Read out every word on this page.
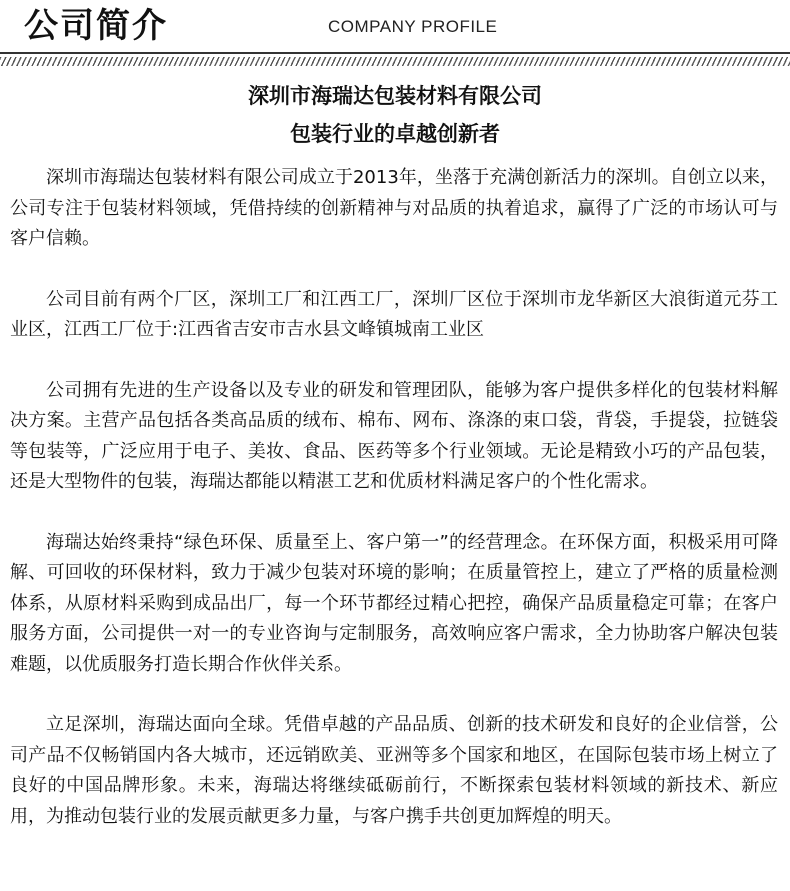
公司简介	COMPANY PROFILE
深圳市海瑞达包装材料有限公司
包装行业的卓越创新者

深圳市海瑞达包装材料有限公司成立于2013年，坐落于充满创新活力的深圳。自创立以来，公司专注于包装材料领域，凭借持续的创新精神与对品质的执着追求，赢得了广泛的市场认可与客户信赖。

公司目前有两个厂区，深圳工厂和江西工厂，深圳厂区位于深圳市龙华新区大浪街道元芬工业区，江西工厂位于:江西省吉安市吉水县文峰镇城南工业区

公司拥有先进的生产设备以及专业的研发和管理团队，能够为客户提供多样化的包装材料解决方案。主营产品包括各类高品质的绒布、棉布、网布、涤涤的束口袋，背袋，手提袋，拉链袋等包装等，广泛应用于电子、美妆、食品、医药等多个行业领域。无论是精致小巧的产品包装，还是大型物件的包装，海瑞达都能以精湛工艺和优质材料满足客户的个性化需求。

海瑞达始终秉持“绿色环保、质量至上、客户第一”的经营理念。在环保方面，积极采用可降解、可回收的环保材料，致力于减少包装对环境的影响；在质量管控上，建立了严格的质量检测体系，从原材料采购到成品出厂，每一个环节都经过精心把控，确保产品质量稳定可靠；在客户服务方面，公司提供一对一的专业咨询与定制服务，高效响应客户需求，全力协助客户解决包装难题，以优质服务打造长期合作伙伴关系。

立足深圳，海瑞达面向全球。凭借卓越的产品品质、创新的技术研发和良好的企业信誉，公司产品不仅畅销国内各大城市，还远销欧美、亚洲等多个国家和地区，在国际包装市场上树立了良好的中国品牌形象。未来，海瑞达将继续砥砺前行，不断探索包装材料领域的新技术、新应用，为推动包装行业的发展贡献更多力量，与客户携手共创更加辉煌的明天。
